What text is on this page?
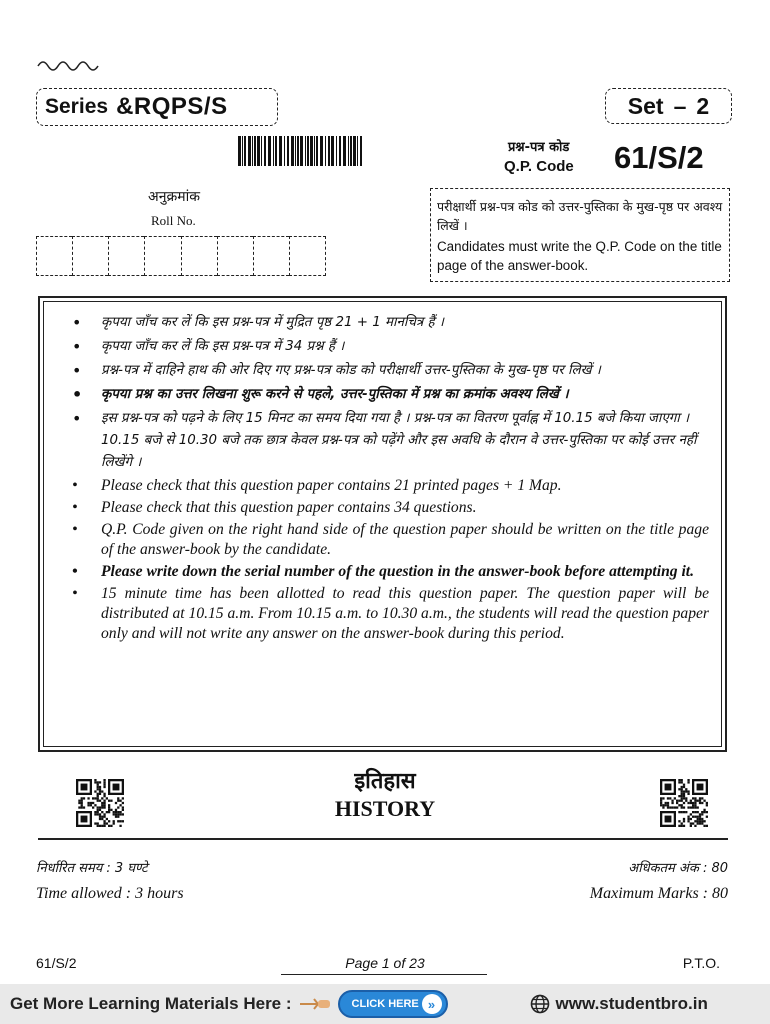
Series &RQPS/S	Set – 2
प्रश्न-पत्र कोड
Q.P. Code 61/S/2
अनुक्रमांक
Roll No.
परीक्षार्थी प्रश्न-पत्र कोड को उत्तर-पुस्तिका के मुख-पृष्ठ पर अवश्य लिखें ।
Candidates must write the Q.P. Code on the title page of the answer-book.
• कृपया जाँच कर लें कि इस प्रश्न-पत्र में मुद्रित पृष्ठ 21 + 1 मानचित्र हैं ।
• कृपया जाँच कर लें कि इस प्रश्न-पत्र में 34 प्रश्न हैं ।
• प्रश्न-पत्र में दाहिने हाथ की ओर दिए गए प्रश्न-पत्र कोड को परीक्षार्थी उत्तर-पुस्तिका के मुख-पृष्ठ पर लिखें ।
• कृपया प्रश्न का उत्तर लिखना शुरू करने से पहले, उत्तर-पुस्तिका में प्रश्न का क्रमांक अवश्य लिखें ।
• इस प्रश्न-पत्र को पढ़ने के लिए 15 मिनट का समय दिया गया है । प्रश्न-पत्र का वितरण पूर्वाह्न में 10.15 बजे किया जाएगा । 10.15 बजे से 10.30 बजे तक छात्र केवल प्रश्न-पत्र को पढ़ेंगे और इस अवधि के दौरान वे उत्तर-पुस्तिका पर कोई उत्तर नहीं लिखेंगे ।
• Please check that this question paper contains 21 printed pages + 1 Map.
• Please check that this question paper contains 34 questions.
• Q.P. Code given on the right hand side of the question paper should be written on the title page of the answer-book by the candidate.
• Please write down the serial number of the question in the answer-book before attempting it.
• 15 minute time has been allotted to read this question paper. The question paper will be distributed at 10.15 a.m. From 10.15 a.m. to 10.30 a.m., the students will read the question paper only and will not write any answer on the answer-book during this period.
इतिहास
HISTORY
निर्धारित समय : 3 घण्टे
Time allowed : 3 hours
अधिकतम अंक : 80
Maximum Marks : 80
61/S/2	Page 1 of 23	P.T.O.
Get More Learning Materials Here :	CLICK HERE »	www.studentbro.in
